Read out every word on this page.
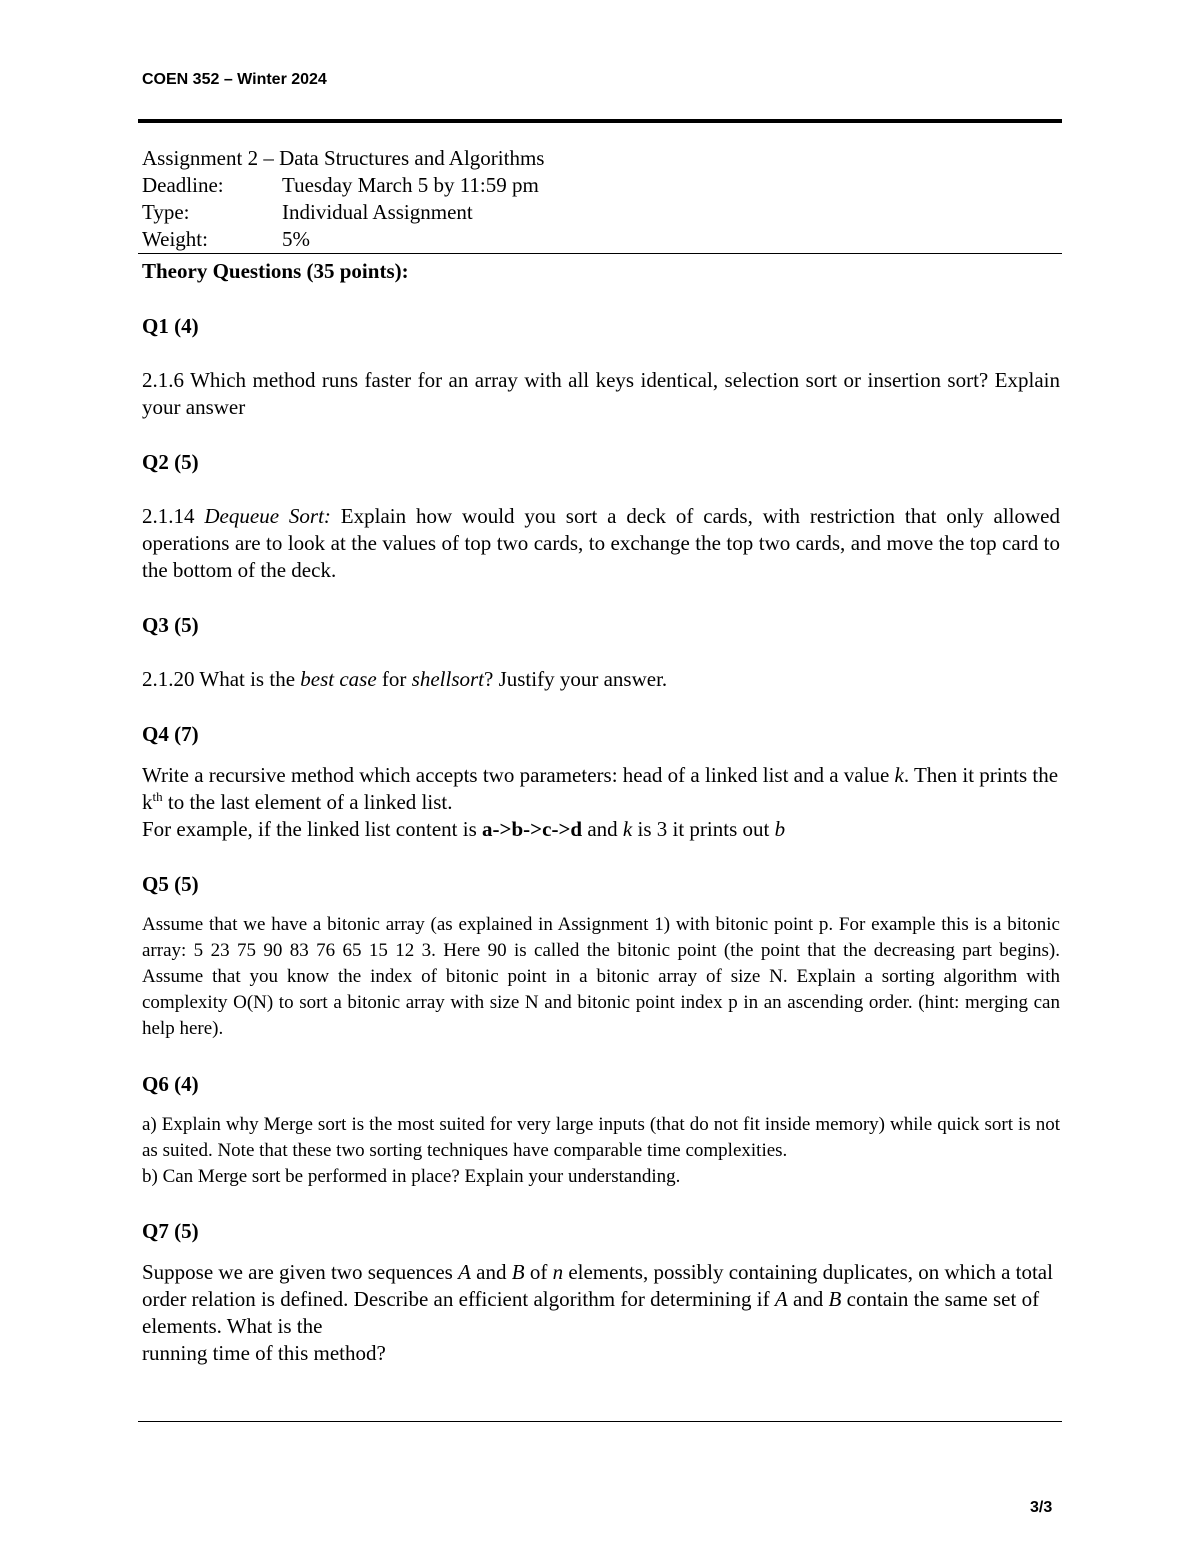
COEN 352 – Winter 2024
Assignment 2 – Data Structures and Algorithms
Deadline:	Tuesday March 5 by 11:59 pm
Type:	Individual Assignment
Weight:	5%

Theory Questions (35 points):

Q1 (4)

2.1.6 Which method runs faster for an array with all keys identical, selection sort or insertion sort? Explain your answer

Q2 (5)

2.1.14 Dequeue Sort: Explain how would you sort a deck of cards, with restriction that only allowed operations are to look at the values of top two cards, to exchange the top two cards, and move the top card to the bottom of the deck.

Q3 (5)

2.1.20 What is the best case for shellsort? Justify your answer.

Q4 (7)

Write a recursive method which accepts two parameters: head of a linked list and a value k. Then it prints the $k^{th}$ to the last element of a linked list.

For example, if the linked list content is a->b->c->d and k is 3 it prints out b

Q5 (5)

Assume that we have a bitonic array (as explained in Assignment 1) with bitonic point p. For example this is a bitonic array: 5 23 75 90 83 76 65 15 12 3. Here 90 is called the bitonic point (the point that the decreasing part begins). Assume that you know the index of bitonic point in a bitonic array of size N. Explain a sorting algorithm with complexity O(N) to sort a bitonic array with size N and bitonic point index p in an ascending order. (hint: merging can help here).

Q6 (4)

a) Explain why Merge sort is the most suited for very large inputs (that do not fit inside memory) while quick sort is not as suited. Note that these two sorting techniques have comparable time complexities.

b) Can Merge sort be performed in place? Explain your understanding.

Q7 (5)

Suppose we are given two sequences A and B of n elements, possibly containing duplicates, on which a total order relation is defined. Describe an efficient algorithm for determining if A and B contain the same set of elements. What is the
running time of this method?

3/3
